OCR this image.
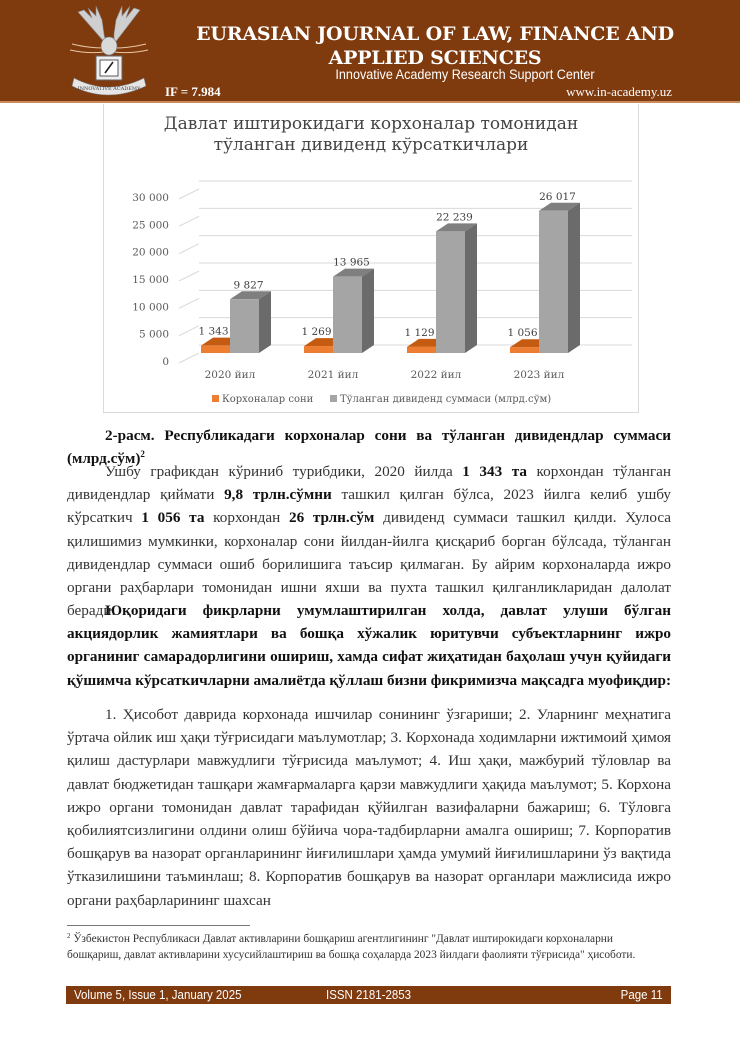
INNOVATIVE ACADEMY
EURASIAN JOURNAL OF LAW, FINANCE AND
APPLIED SCIENCES
Innovative Academy Research Support Center
IF = 7.984	www.in-academy.uz
Давлат иштирокидаги корхоналар томонидан
тўланган дивиденд кўрсаткичлари
0
5 000
10 000
15 000
20 000
25 000
30 000
1 343
9 827
2020 йил
1 269
13 965
2021 йил
1 129
22 239
2022 йил
1 056
26 017
2023 йил
Корхоналар сони	Тўланган дивиденд суммаси (млрд.сўм)
2-расм. Республикадаги корхоналар сони ва тўланган дивидендлар суммаси (млрд.сўм)$^2$
Ушбу графикдан кўриниб турибдики, 2020 йилда 1 343 та корхондан тўланган дивидендлар қиймати 9,8 трлн.сўмни ташкил қилган бўлса, 2023 йилга келиб ушбу кўрсаткич 1 056 та корхондан 26 трлн.сўм дивиденд суммаси ташкил қилди. Хулоса қилишимиз мумкинки, корхоналар сони йилдан-йилга қисқариб борган бўлсада, тўланган дивидендлар суммаси ошиб борилишига таъсир қилмаган. Бу айрим корхоналарда ижро органи раҳбарлари томонидан ишни яхши ва пухта ташкил қилганликларидан далолат беради.
Юқоридаги фикрларни умумлаштирилган холда, давлат улуши бўлган акциядорлик жамиятлари ва бошқа хўжалик юритувчи субъектларнинг ижро органиниг самарадорлигини ошириш, хамда сифат жиҳатидан баҳолаш учун қуйидаги қўшимча кўрсаткичларни амалиётда қўллаш бизни фикримизча мақсадга муофиқдир:
1. Ҳисобот даврида корхонада ишчилар сонининг ўзгариши; 2. Уларнинг меҳнатига ўртача ойлик иш ҳақи тўғрисидаги маълумотлар; 3. Корхонада ходимларни ижтимоий ҳимоя қилиш дастурлари мавжудлиги тўғрисида маълумот; 4. Иш ҳақи, мажбурий тўловлар ва давлат бюджетидан ташқари жамғармаларга қарзи мавжудлиги ҳақида маълумот; 5. Корхона ижро органи томонидан давлат тарафидан қўйилган вазифаларни бажариш; 6. Тўловга қобилиятсизлигини олдини олиш бўйича чора-тадбирларни амалга ошириш; 7. Корпоратив бошқарув ва назорат органларининг йиғилишлари ҳамда умумий йиғилишларини ўз вақтида ўтказилишини таъминлаш; 8. Корпоратив бошқарув ва назорат органлари мажлисида ижро органи раҳбарларининг шахсан
$^2$ Ўзбекистон Республикаси Давлат активларини бошқариш агентлигининг "Давлат иштирокидаги корхоналарни бошқариш, давлат активларини хусусийлаштириш ва бошқа соҳаларда 2023 йилдаги фаолияти тўғрисида" ҳисоботи.
Volume 5, Issue 1, January 2025	ISSN 2181-2853	Page 11
